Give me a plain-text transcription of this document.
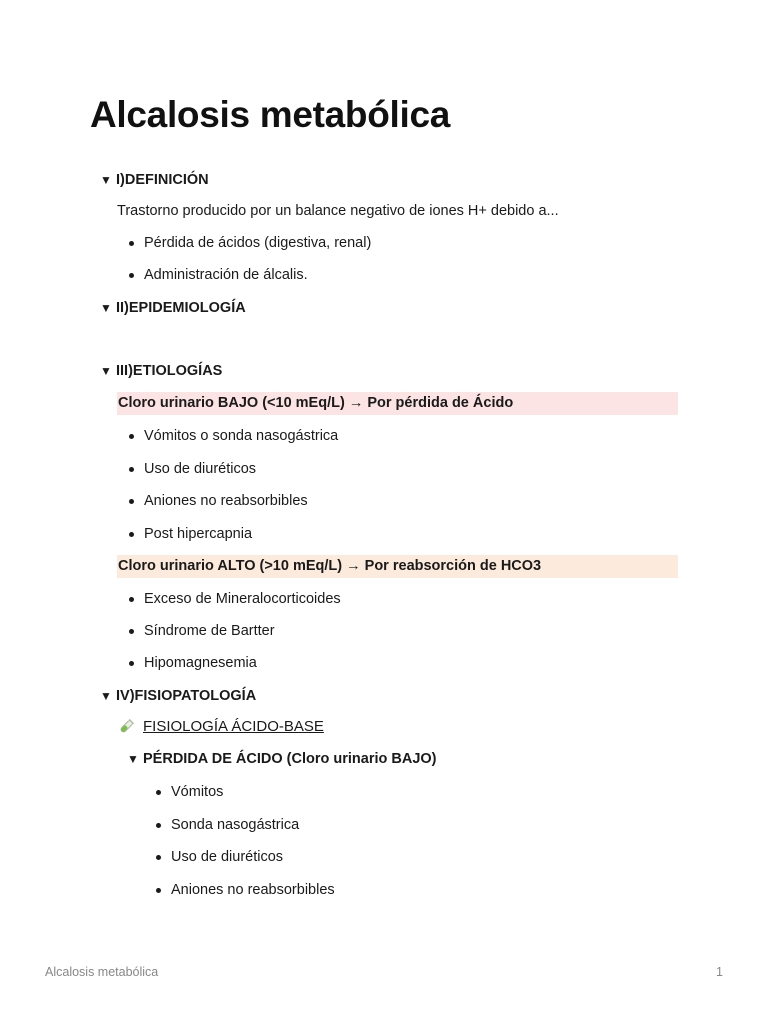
Alcalosis metabólica
▼ I)DEFINICIÓN
Trastorno producido por un balance negativo de iones H+ debido a...
Pérdida de ácidos (digestiva, renal)
Administración de álcalis.
▼ II)EPIDEMIOLOGÍA
▼ III)ETIOLOGÍAS
Cloro urinario BAJO (<10 mEq/L) → Por pérdida de Ácido
Vómitos o sonda nasogástrica
Uso de diuréticos
Aniones no reabsorbibles
Post hipercapnia
Cloro urinario ALTO (>10 mEq/L) → Por reabsorción de HCO3
Exceso de Mineralocorticoides
Síndrome de Bartter
Hipomagnesemia
▼ IV)FISIOPATOLOGÍA
FISIOLOGÍA ÁCIDO-BASE
▼ PÉRDIDA DE ÁCIDO (Cloro urinario BAJO)
Vómitos
Sonda nasogástrica
Uso de diuréticos
Aniones no reabsorbibles
Alcalosis metabólica	1
